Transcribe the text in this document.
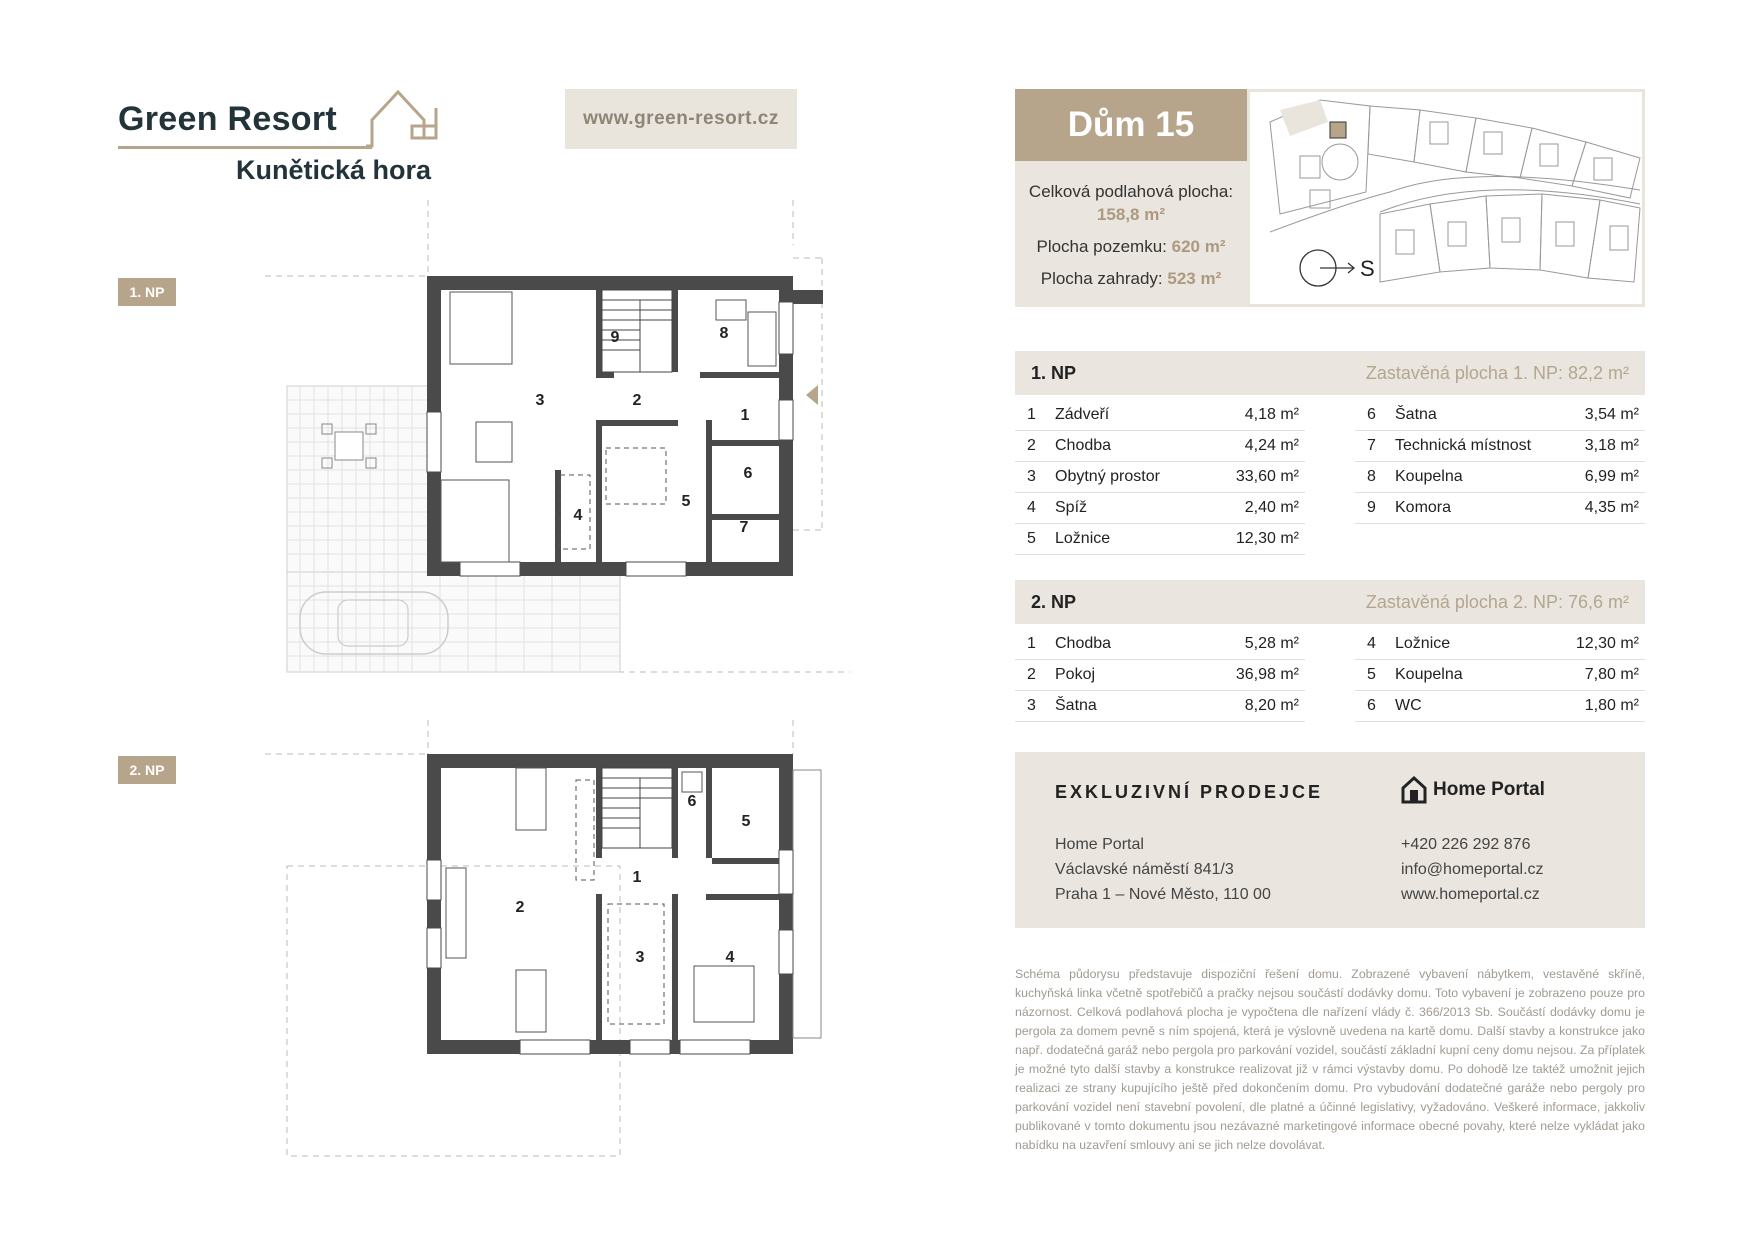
Green Resort
Kunětická hora
www.green-resort.cz
1. NP
2. NP
1
2
3
4
5
6
7
8
9
1
2
3	4
5
6
Dům 15
Celková podlahová plocha: 158,8 m²
Plocha pozemku: 620 m²
Plocha zahrady: 523 m²	S
1. NP	Zastavěná plocha 1. NP: 82,2 m²
1	Zádveří	4,18 m²
2	Chodba	4,24 m²
3	Obytný prostor	33,60 m²
4	Spíž	2,40 m²
5	Ložnice	12,30 m²
6	Šatna	3,54 m²
7	Technická místnost	3,18 m²
8	Koupelna	6,99 m²
9	Komora	4,35 m²
2. NP	Zastavěná plocha 2. NP: 76,6 m²
1	Chodba	5,28 m²
2	Pokoj	36,98 m²
3	Šatna	8,20 m²
4	Ložnice	12,30 m²
5	Koupelna	7,80 m²
6	WC	1,80 m²
EXKLUZIVNÍ PRODEJCE	Home Portal
Home Portal
Václavské náměstí 841/3
Praha 1 – Nové Město, 110 00
+420 226 292 876
info@homeportal.cz
www.homeportal.cz
Schéma půdorysu představuje dispoziční řešení domu. Zobrazené vybavení nábytkem, vestavěné skříně, kuchyňská linka včetně spotřebičů a pračky nejsou součástí dodávky domu. Toto vybavení je zobrazeno pouze pro názornost. Celková podlahová plocha je vypočtena dle nařízení vlády č. 366/2013 Sb. Součástí dodávky domu je pergola za domem pevně s ním spojená, která je výslovně uvedena na kartě domu. Další stavby a konstrukce jako např. dodatečná garáž nebo pergola pro parkování vozidel, součástí základní kupní ceny domu nejsou. Za příplatek je možné tyto další stavby a konstrukce realizovat již v rámci výstavby domu. Po dohodě lze taktéž umožnit jejich realizaci ze strany kupujícího ještě před dokončením domu. Pro vybudování dodatečné garáže nebo pergoly pro parkování vozidel není stavební povolení, dle platné a účinné legislativy, vyžadováno. Veškeré informace, jakkoliv publikované v tomto dokumentu jsou nezávazné marketingové informace obecné povahy, které nelze vykládat jako nabídku na uzavření smlouvy ani se jich nelze dovolávat.
